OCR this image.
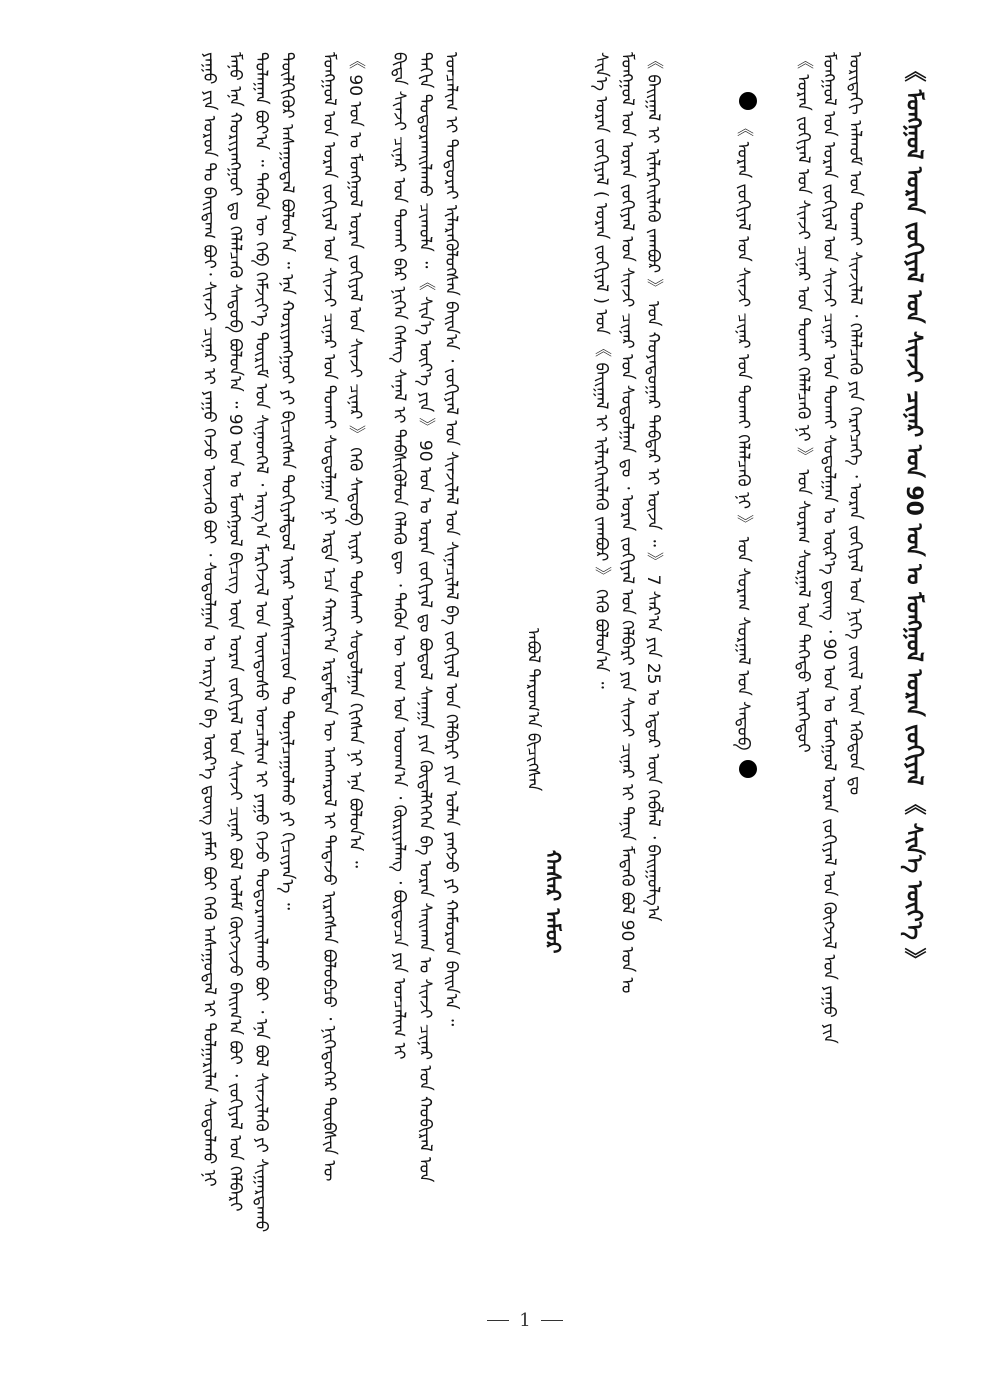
ᠶᠠᠭᠤ ᠶᠢᠨ ᠤᠷᠤᠨ ᠲᠤ ᠪᠠᠢᠳᠠᠭ ᠪᠤᠢ᠂ ᠰᠢᠨᠵᠢ ᠴᠢᠨᠠᠷ ᠢ ᠶᠠᠭᠤ ᠭᠡᠵᠦ ᠦᠵᠡᠬᠦ ᠪᠤᠢ ᠂ ᠰᠤᠳᠤᠯᠭᠠᠨ ᠤ ᠠᠷᠭ᠎ᠠ ᠪᠠ ᠦᠷ᠎ᠡ ᠳ᠋ᠦᠩ ᠶᠠᠮᠠᠷ ᠪᠤᠢ ᠭᠡᠬᠦ ᠠᠰᠠᠭᠤᠳᠠᠯ ᠢ ᠲᠤᠯᠭᠠᠷᠢᠯᠠᠨ ᠰᠤᠳᠤᠯᠬᠤ ᠨᠢ ᠮᠠᠨᠤ ᠡᠨᠡ ᠬᠤᠷᠢᠶᠠᠩᠭᠤᠢ ᠳᠤ ᠬᠡᠯᠡᠯᠴᠡᠬᠦ ᠰᠡᠳᠦᠪ ᠪᠤᠯᠤᠨ᠎ᠠ ᠃ 90 ᠣᠨ ᠤ ᠮᠣᠩᠭᠣᠯ ᠪᠢᠴᠢᠭ ᠦᠨ ᠤᠷᠠᠨ ᠵᠣᠬᠢᠶᠠᠯ ᠤᠨ ᠰᠢᠨᠵᠢ ᠴᠢᠨᠠᠷ ᠪᠣᠯ ᠤᠯᠠᠮ ᠬᠥᠭᠵᠢᠵᠦ ᠪᠠᠢᠭ᠎ᠠ ᠪᠤᠢ ᠂ ᠵᠣᠬᠢᠶᠠᠯ ᠤᠨ ᠬᠡᠯᠪᠡᠷᠢ ᠲᠤᠯᠠᠭᠠᠨ ᠪᠤᠶ᠎ᠠ ᠃ ᠲᠡᠭᠦᠨ ᠦ ᠬᠡᠪ ᠬᠡᠮᠵᠢᠶ᠎ᠡ ᠳᠦᠷᠢᠮ ᠤᠨ ᠰᠢᠨᠡᠳᠬᠡᠯ ᠂ ᠠᠷᠭ᠎ᠠ ᠮᠡᠷᠭᠡᠵᠢᠯ ᠤᠨ ᠦᠨᠳᠦᠰᠦ ᠣᠨᠴᠠᠯᠢᠭ ᠢ ᠶᠠᠭᠤ ᠭᠡᠵᠦ ᠲᠣᠳᠣᠷᠬᠠᠢᠯᠠᠬᠤ ᠪᠤᠢ ᠂ ᠡᠨᠡ ᠪᠣᠯ ᠰᠢᠨᠵᠢᠯᠡᠬᠦ ᠶᠢ ᠰᠢᠭᠠᠷᠳᠠᠬᠤ ᠲᠦᠯᠬᠢᠭᠦᠷ ᠠᠰᠠᠭᠤᠳᠠᠯ ᠪᠣᠯᠤᠨ᠎ᠠ ᠃ ᠡᠨᠡ ᠬᠣᠷᠢᠶᠠᠩᠭᠤᠢ ᠶᠢ ᠪᠢᠴᠢᠭᠰᠡᠨ ᠲᠣᠬᠢᠶᠠᠯᠳᠤᠯ ᠢᠶᠠᠷ ᠤᠩᠰᠢᠭᠴᠢᠳ ᠲᠤ ᠲᠣᠨᠢᠯᠴᠠᠭᠤᠯᠬᠤ ᠶᠢ ᠬᠢᠴᠢᠶᠡᠨ᠎ᠡ ᠃ ᠮᠣᠩᠭᠣᠯ ᠤᠨ ᠤᠷᠠᠨ ᠵᠣᠬᠢᠶᠠᠯ ᠤᠨ ᠰᠢᠨᠵᠢ ᠴᠢᠨᠠᠷ ᠤᠨ ᠲᠤᠬᠠᠢ ᠰᠤᠳᠤᠯᠭᠠᠨ ᠨᠢ ᠡᠷᠲᠡ ᠡᠴᠡ ᠬᠠᠷᠢᠶ᠎ᠠ ᠡᠷᠳᠡᠮᠲᠡᠨ ᠦ ᠠᠩᠬᠠᠷᠤᠯ ᠢ ᠲᠠᠲᠠᠵᠤ ᠢᠷᠡᠭᠰᠡᠨ ᠪᠣᠯᠤᠪᠴᠤ ᠂ ᠨᠢᠭᠡᠳᠦᠭᠡᠷ ᠲᠦᠪᠰᠢᠨ ᠦ 《 90 ᠣᠨ ᠤ ᠮᠣᠩᠭᠣᠯ ᠤᠷᠠᠨ ᠵᠣᠬᠢᠶᠠᠯ ᠤᠨ ᠰᠢᠨᠵᠢ ᠴᠢᠨᠠᠷ 》 ᠭᠡᠬᠦ ᠰᠡᠳᠦᠪ ᠢᠶᠡᠷ ᠲᠤᠰᠬᠠᠢ ᠰᠤᠳᠤᠯᠭᠠᠨ ᠬᠢᠭᠰᠡᠨ ᠨᠢ ᠡᠨᠡ ᠪᠣᠯᠤᠨ᠎ᠠ ᠃ ᠪᠢᠳᠡ ᠰᠢᠨᠵᠢ ᠴᠢᠨᠠᠷ ᠤᠨ ᠲᠤᠬᠠᠢ ᠪᠠᠷ ᠨᠢᠭᠡᠨ ᠬᠡᠰᠡᠭ ᠰᠠᠨᠠᠯ ᠢ ᠳᠡᠪᠰᠢᠭᠦᠯᠦᠨ ᠬᠡᠯᠡᠬᠦ ᠳᠦ ᠂ ᠲᠡᠭᠦᠨ ᠦ ᠤᠭ ᠤᠨ ᠤᠳᠬ᠎ᠠ ᠂ ᠬᠦᠷᠢᠶᠡᠯᠡᠩ ᠂ ᠪᠦᠲᠦᠴᠡ ᠶᠢᠨ ᠣᠨᠴᠠᠯᠢᠭ ᠢ ᠳᠠᠬᠢᠨ ᠲᠣᠳᠣᠷᠬᠠᠢᠯᠠᠬᠤ ᠴᠢᠬᠤᠯᠠ ᠃ 《 ᠰᠢᠨ᠎ᠡ ᠦᠶ᠎ᠡ ᠶᠢᠨ 》 90 ᠣᠨ ᠤ ᠤᠷᠠᠨ ᠵᠣᠬᠢᠶᠠᠯ ᠳᠤ ᠪᠣᠳᠤᠯ ᠰᠠᠨᠠᠭᠠ ᠶᠢᠨ ᠬᠥᠳᠡᠯᠭᠡᠭᠡᠨ ᠪᠠ ᠤᠷᠠᠨ ᠰᠠᠢᠬᠠᠨ ᠤ ᠰᠢᠨᠵᠢ ᠴᠢᠨᠠᠷ ᠤᠨ ᠬᠤᠪᠢᠷᠠᠯ ᠤᠨ ᠣᠨᠴᠠᠯᠢᠭ ᠢ ᠲᠣᠳᠣᠷᠠᠢ ᠢᠯᠡᠷᠡᠭᠦᠯᠦᠭᠰᠡᠨ ᠪᠠᠢᠨ᠎ᠠ ᠂ ᠵᠣᠬᠢᠶᠠᠯ ᠤᠨ ᠰᠢᠨᠵᠢᠯᠡᠯ ᠤᠨ ᠰᠢᠨᠡᠴᠢᠯᠡᠯ ᠪᠠ ᠵᠣᠬᠢᠶᠠᠯ ᠤᠨ ᠬᠡᠯᠪᠡᠷᠢ ᠶᠢᠨ ᠣᠯᠠᠨ ᠶᠠᠩᠵᠤ ᠶᠢ ᠬᠠᠮᠤᠷᠤᠨ ᠪᠠᠢᠨ᠎ᠠ ᠃	ᠠᠪᠤᠯ ᠳᠠᠷᠤᠭ᠎ᠠ ᠪᠢᠴᠢᠭᠰᠡᠨ
ᠬᠠᠰᠠᠷ ᠠᠮᠤᠷ
ᠰᠢᠨ᠎ᠡ ᠤᠷᠠᠨ ᠵᠣᠬᠢᠶᠠᠯ ( ᠤᠷᠠᠨ ᠵᠣᠬᠢᠶᠠᠯ ) ᠤᠨ 《 ᠪᠠᠢᠭᠠᠯ ᠢ ᠢᠯᠡᠷᠬᠡᠢᠯᠡᠬᠦ ᠵᠠᠭᠪᠤᠷ 》 ᠭᠡᠬᠦ ᠪᠤᠯᠤᠨ᠎ᠠ ᠃ ᠮᠣᠩᠭᠣᠯ ᠤᠨ ᠤᠷᠠᠨ ᠵᠣᠬᠢᠶᠠᠯ ᠤᠨ ᠰᠢᠨᠵᠢ ᠴᠢᠨᠠᠷ ᠤᠨ ᠰᠤᠳᠤᠯᠭᠠᠨ ᠳᠤ ᠂ ᠤᠷᠠᠨ ᠵᠣᠬᠢᠶᠠᠯ ᠤᠨ ᠬᠡᠯᠪᠡᠷᠢ ᠶᠢᠨ ᠰᠢᠨᠵᠢ ᠴᠢᠨᠠᠷ ᠢ ᠲᠠᠨᠢᠨ ᠮᠡᠳᠡᠬᠦ ᠪᠣᠯ 90 ᠣᠨ ᠤ 《 ᠪᠠᠢᠭᠠᠯ ᠢ ᠢᠯᠡᠷᠬᠡᠢᠯᠡᠬᠦ ᠵᠠᠭᠪᠤᠷ 》 ᠤᠨ ᠬᠣᠶᠠᠳᠤᠭᠠᠷ ᠳᠡᠪᠲᠡᠷ ᠢ ᠦᠵᠡ ᠃ 》 7 ᠰᠠᠷ᠎ᠠ ᠶᠢᠨ 25 ᠤ ᠡᠳᠦᠷ ᠦᠨ ᠬᠡᠪᠯᠡᠯ ᠂ ᠪᠠᠢᠭᠤᠯᠭ᠎ᠠ	《 ᠤᠷᠠᠨ ᠵᠣᠬᠢᠶᠠᠯ ᠤᠨ ᠰᠢᠨᠵᠢ ᠴᠢᠨᠠᠷ ᠤᠨ ᠲᠤᠬᠠᠢ ᠬᠡᠯᠡᠯᠴᠡᠬᠦ ᠨᠢ 》 ᠤᠨ ᠰᠤᠷᠠᠭ ᠰᠤᠷᠭᠠᠯ ᠤᠨ ᠰᠡᠳᠦᠪ 《 ᠤᠷᠠᠨ ᠵᠣᠬᠢᠶᠠᠯ ᠤᠨ ᠰᠢᠨᠵᠢ ᠴᠢᠨᠠᠷ ᠤᠨ ᠲᠤᠬᠠᠢ ᠬᠡᠯᠡᠯᠴᠡᠬᠦ ᠨᠢ 》 ᠤᠨ ᠰᠤᠷᠠᠭ ᠰᠤᠷᠭᠠᠯ ᠤᠨ ᠳᠡᠭᠡᠳᠦ ᠢᠷᠡᠭᠡᠳᠦᠢ ᠮᠣᠩᠭᠣᠯ ᠤᠨ ᠤᠷᠠᠨ ᠵᠣᠬᠢᠶᠠᠯ ᠤᠨ ᠰᠢᠨᠵᠢ ᠴᠢᠨᠠᠷ ᠤᠨ ᠲᠤᠬᠠᠢ ᠰᠤᠳᠤᠯᠭᠠᠨ ᠤ ᠦᠷ᠎ᠡ ᠳ᠋ᠦᠩ ᠂ 90 ᠣᠨ ᠤ ᠮᠣᠩᠭᠣᠯ ᠤᠷᠠᠨ ᠵᠣᠬᠢᠶᠠᠯ ᠤᠨ ᠬᠥᠭᠵᠢᠯ ᠤᠨ ᠶᠠᠭᠤ ᠶᠢᠨ ᠤᠷᠢᠳᠠᠬᠢ ᠠᠯᠬᠤᠮ ᠤᠨ ᠲᠤᠬᠠᠢ ᠰᠢᠨᠵᠢᠯᠡᠯ ᠂ ᠬᠡᠯᠡᠯᠴᠡᠬᠦ ᠶᠢᠨ ᠬᠡᠷᠡᠭᠴᠡᠭᠡ ᠂ ᠤᠷᠠᠨ ᠵᠣᠬᠢᠶᠠᠯ ᠤᠨ ᠨᠢᠭᠡ ᠵᠦᠢᠯ ᠦᠨ ᠡᠭᠦᠳᠦᠨ ᠳᠤ 《 ᠮᠣᠩᠭᠣᠯ ᠤᠷᠠᠨ ᠵᠣᠬᠢᠶᠠᠯ ᠤᠨ ᠰᠢᠨᠵᠢ ᠴᠢᠨᠠᠷ ᠤᠨ 90 ᠣᠨ ᠤ ᠮᠣᠩᠭᠣᠯ ᠤᠷᠠᠨ ᠵᠣᠬᠢᠶᠠᠯ 《 ᠰᠢᠨ᠎ᠡ ᠦᠶ᠎ᠡ 》
1
